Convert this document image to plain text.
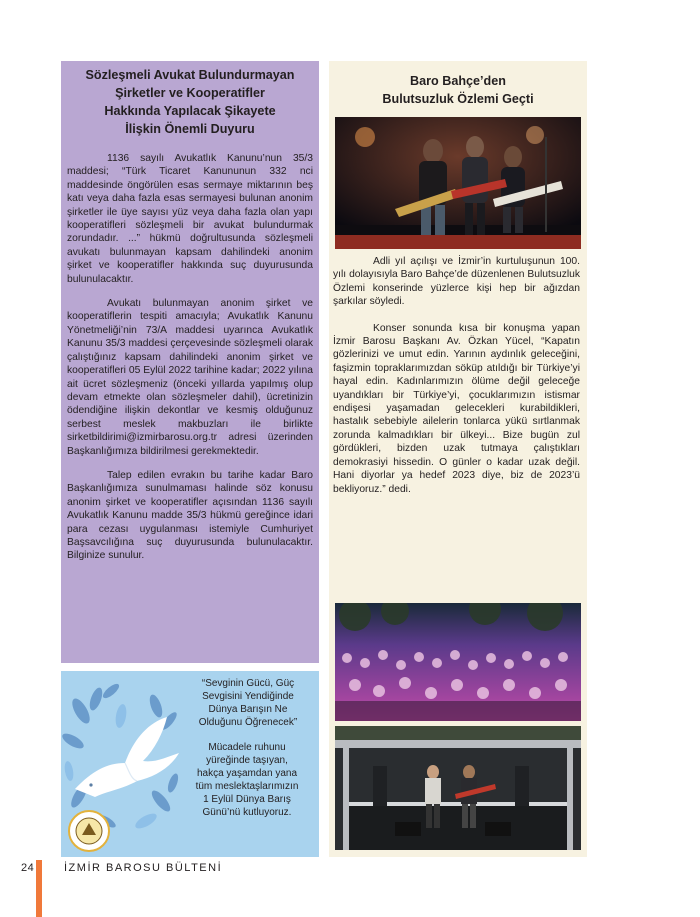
Sözleşmeli Avukat Bulundurmayan
Şirketler ve Kooperatifler
Hakkında Yapılacak Şikayete
İlişkin Önemli Duyuru

1136 sayılı Avukatlık Kanunu’nun 35/3 maddesi; “Türk Ticaret Kanununun 332 nci maddesinde öngörülen esas sermaye miktarının beş katı veya daha fazla esas sermayesi bulunan anonim şirketler ile üye sayısı yüz veya daha fazla olan yapı kooperatifleri sözleşmeli bir avukat bulundurmak zorundadır. ...” hükmü doğrultusunda sözleşmeli avukatı bulunmayan kapsam dahilindeki anonim şirket ve kooperatifler hakkında suç duyurusunda bulunulacaktır.

Avukatı bulunmayan anonim şirket ve kooperatiflerin tespiti amacıyla; Avukatlık Kanunu Yönetmeliği’nin 73/A maddesi uyarınca Avukatlık Kanunu 35/3 maddesi çerçevesinde sözleşmeli olarak çalıştığınız kapsam dahilindeki anonim şirket ve kooperatifleri 05 Eylül 2022 tarihine kadar; 2022 yılına ait ücret sözleşmeniz (önceki yıllarda yapılmış olup devam etmekte olan sözleşmeler dahil), ücretinizin ödendiğine ilişkin dekontlar ve kesmiş olduğunuz serbest meslek makbuzları ile birlikte sirketbildirimi@izmirbarosu.org.tr adresi üzerinden Başkanlığımıza bildirilmesi gerekmektedir.

Talep edilen evrakın bu tarihe kadar Baro Başkanlığımıza sunulmaması halinde söz konusu anonim şirket ve kooperatifler açısından 1136 sayılı Avukatlık Kanunu madde 35/3 hükmü gereğince idari para cezası uygulanması istemiyle Cumhuriyet Başsavcılığına suç duyurusunda bulunulacaktır. Bilginize sunulur.

“Sevginin Gücü, Güç
Sevgisini Yendiğinde
Dünya Barışın Ne
Olduğunu Öğrenecek”
Mücadele ruhunu
yüreğinde taşıyan,
hakça yaşamdan yana
tüm meslektaşlarımızın
1 Eylül Dünya Barış
Günü’nü kutluyoruz.
Baro Bahçe’den
Bulutsuzluk Özlemi Geçti

Adli yıl açılışı ve İzmir’in kurtuluşunun 100. yılı dolayısıyla Baro Bahçe’de düzenlenen Bulutsuzluk Özlemi konserinde yüzlerce kişi hep bir ağızdan şarkılar söyledi.

Konser sonunda kısa bir konuşma yapan İzmir Barosu Başkanı Av. Özkan Yücel, “Kapatın gözlerinizi ve umut edin. Yarının aydınlık geleceğini, faşizmin topraklarımızdan söküp atıldığı bir Türkiye’yi hayal edin. Kadınlarımızın ölüme değil geleceğe uyandıkları bir Türkiye’yi, çocuklarımızın istismar endişesi yaşamadan gelecekleri kurabildikleri, hastalık sebebiyle ailelerin tonlarca yükü sırtlanmak zorunda kalmadıkları bir ülkeyi... Bize bugün zul gördükleri, bizden uzak tutmaya çalıştıkları demokrasiyi hissedin. O günler o kadar uzak değil. Hani diyorlar ya hedef 2023 diye, biz de 2023’ü bekliyoruz.” dedi.

24	İZMİR BAROSU BÜLTENİ
